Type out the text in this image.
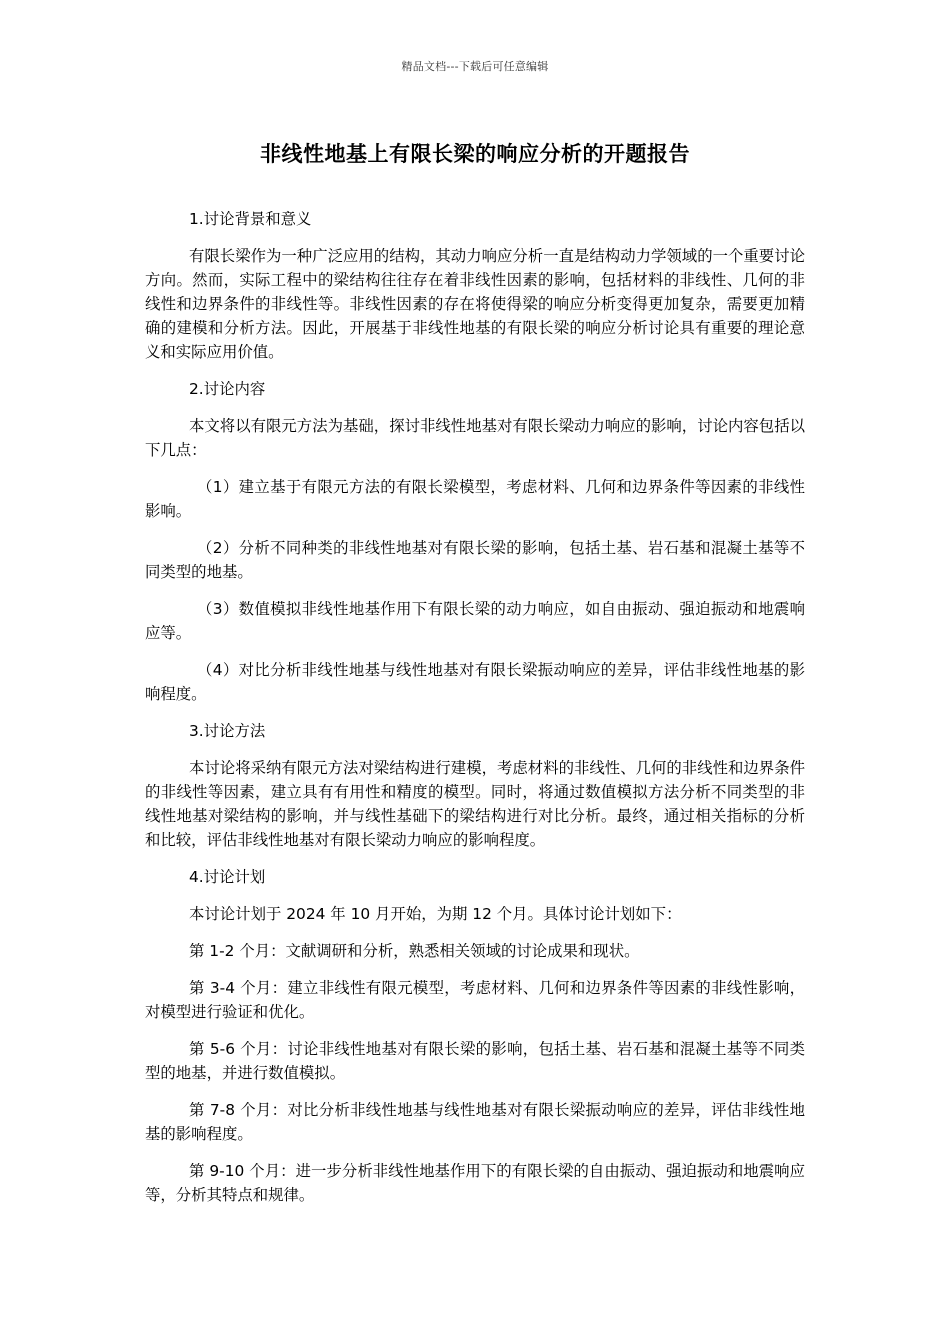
精品文档---下载后可任意编辑
非线性地基上有限长梁的响应分析的开题报告

1.讨论背景和意义

有限长梁作为一种广泛应用的结构，其动力响应分析一直是结构动力学领域的一个重要讨论方向。然而，实际工程中的梁结构往往存在着非线性因素的影响，包括材料的非线性、几何的非线性和边界条件的非线性等。非线性因素的存在将使得梁的响应分析变得更加复杂，需要更加精确的建模和分析方法。因此，开展基于非线性地基的有限长梁的响应分析讨论具有重要的理论意义和实际应用价值。

2.讨论内容

本文将以有限元方法为基础，探讨非线性地基对有限长梁动力响应的影响，讨论内容包括以下几点：

（1）建立基于有限元方法的有限长梁模型，考虑材料、几何和边界条件等因素的非线性影响。

（2）分析不同种类的非线性地基对有限长梁的影响，包括土基、岩石基和混凝土基等不同类型的地基。

（3）数值模拟非线性地基作用下有限长梁的动力响应，如自由振动、强迫振动和地震响应等。

（4）对比分析非线性地基与线性地基对有限长梁振动响应的差异，评估非线性地基的影响程度。

3.讨论方法

本讨论将采纳有限元方法对梁结构进行建模，考虑材料的非线性、几何的非线性和边界条件的非线性等因素，建立具有有用性和精度的模型。同时，将通过数值模拟方法分析不同类型的非线性地基对梁结构的影响，并与线性基础下的梁结构进行对比分析。最终，通过相关指标的分析和比较，评估非线性地基对有限长梁动力响应的影响程度。

4.讨论计划

本讨论计划于 2024 年 10 月开始，为期 12 个月。具体讨论计划如下：

第 1-2 个月：文献调研和分析，熟悉相关领域的讨论成果和现状。

第 3-4 个月：建立非线性有限元模型，考虑材料、几何和边界条件等因素的非线性影响，对模型进行验证和优化。

第 5-6 个月：讨论非线性地基对有限长梁的影响，包括土基、岩石基和混凝土基等不同类型的地基，并进行数值模拟。

第 7-8 个月：对比分析非线性地基与线性地基对有限长梁振动响应的差异，评估非线性地基的影响程度。

第 9-10 个月：进一步分析非线性地基作用下的有限长梁的自由振动、强迫振动和地震响应等，分析其特点和规律。
